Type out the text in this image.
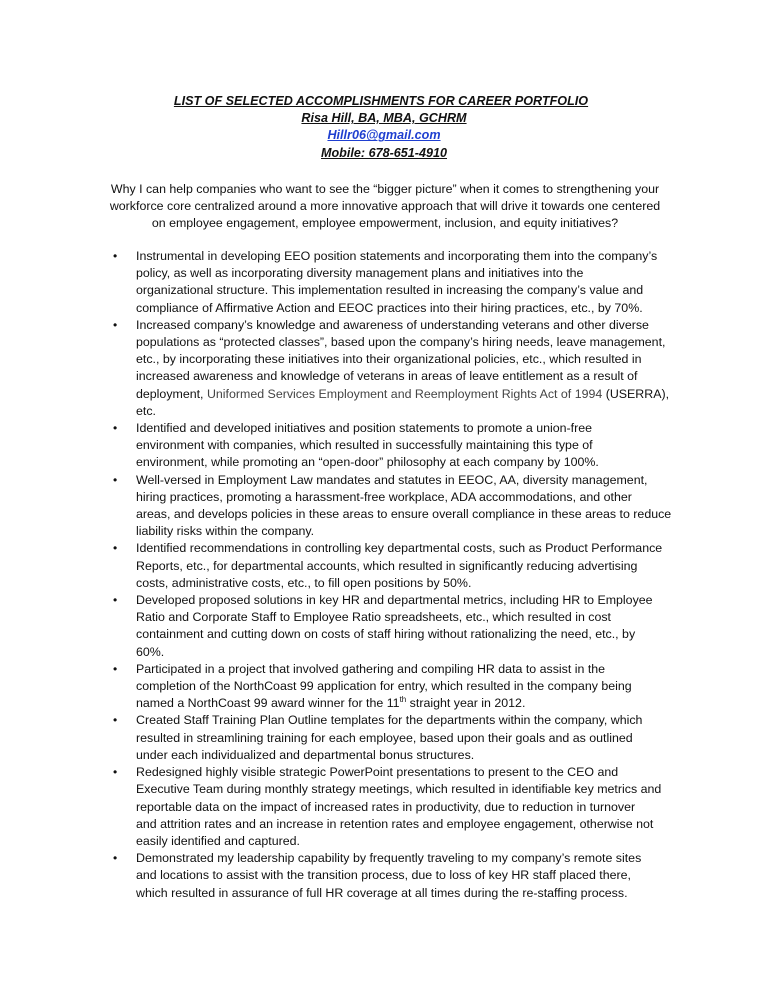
LIST OF SELECTED ACCOMPLISHMENTS FOR CAREER PORTFOLIO
Risa Hill, BA, MBA, GCHRM
Hillr06@gmail.com
Mobile: 678-651-4910
Why I can help companies who want to see the “bigger picture” when it comes to strengthening your
workforce core centralized around a more innovative approach that will drive it towards one centered
on employee engagement, employee empowerment, inclusion, and equity initiatives?
• Instrumental in developing EEO position statements and incorporating them into the company’s
policy, as well as incorporating diversity management plans and initiatives into the
organizational structure. This implementation resulted in increasing the company’s value and
compliance of Affirmative Action and EEOC practices into their hiring practices, etc., by 70%.
• Increased company’s knowledge and awareness of understanding veterans and other diverse
populations as “protected classes”, based upon the company’s hiring needs, leave management,
etc., by incorporating these initiatives into their organizational policies, etc., which resulted in
increased awareness and knowledge of veterans in areas of leave entitlement as a result of
deployment, Uniformed Services Employment and Reemployment Rights Act of 1994 (USERRA),
etc.
• Identified and developed initiatives and position statements to promote a union-free
environment with companies, which resulted in successfully maintaining this type of
environment, while promoting an “open-door” philosophy at each company by 100%.
• Well-versed in Employment Law mandates and statutes in EEOC, AA, diversity management,
hiring practices, promoting a harassment-free workplace, ADA accommodations, and other
areas, and develops policies in these areas to ensure overall compliance in these areas to reduce
liability risks within the company.
• Identified recommendations in controlling key departmental costs, such as Product Performance
Reports, etc., for departmental accounts, which resulted in significantly reducing advertising
costs, administrative costs, etc., to fill open positions by 50%.
• Developed proposed solutions in key HR and departmental metrics, including HR to Employee
Ratio and Corporate Staff to Employee Ratio spreadsheets, etc., which resulted in cost
containment and cutting down on costs of staff hiring without rationalizing the need, etc., by
60%.
• Participated in a project that involved gathering and compiling HR data to assist in the
completion of the NorthCoast 99 application for entry, which resulted in the company being
named a NorthCoast 99 award winner for the 11th straight year in 2012.
• Created Staff Training Plan Outline templates for the departments within the company, which
resulted in streamlining training for each employee, based upon their goals and as outlined
under each individualized and departmental bonus structures.
• Redesigned highly visible strategic PowerPoint presentations to present to the CEO and
Executive Team during monthly strategy meetings, which resulted in identifiable key metrics and
reportable data on the impact of increased rates in productivity, due to reduction in turnover
and attrition rates and an increase in retention rates and employee engagement, otherwise not
easily identified and captured.
• Demonstrated my leadership capability by frequently traveling to my company’s remote sites
and locations to assist with the transition process, due to loss of key HR staff placed there,
which resulted in assurance of full HR coverage at all times during the re-staffing process.
